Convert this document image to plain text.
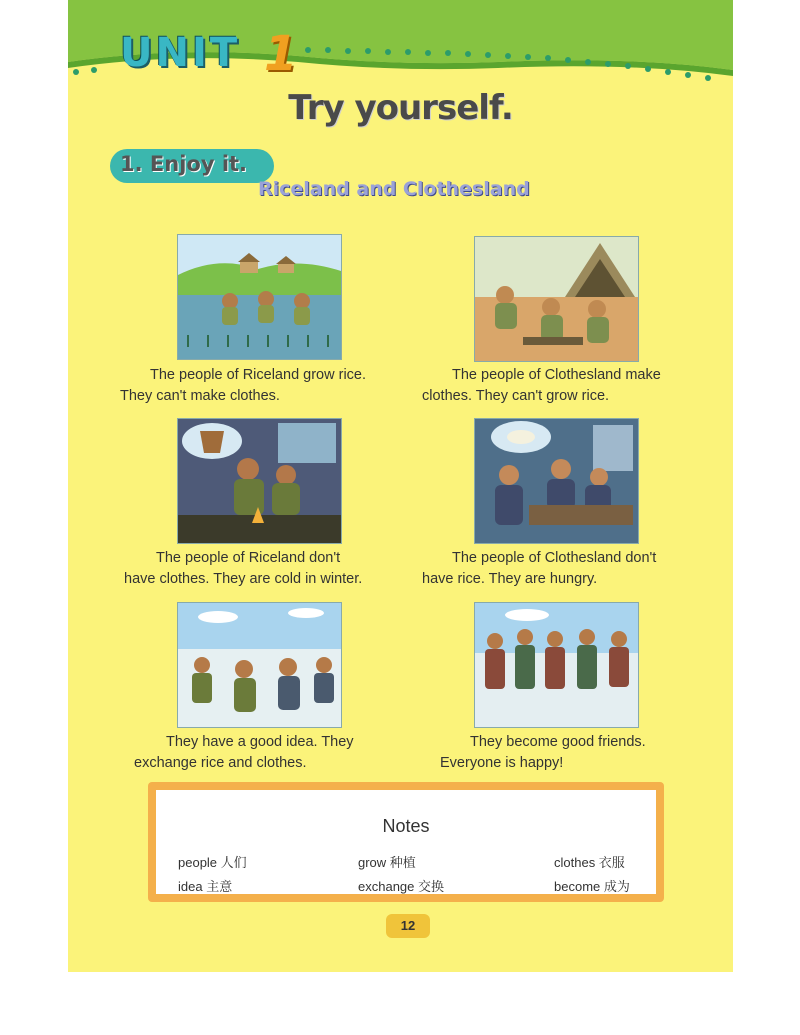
UNIT 1
Try yourself.
1. Enjoy it.
Riceland and Clothesland
The people of Riceland grow rice.
They can't make clothes.
The people of Clothesland make
clothes. They can't grow rice.
The people of Riceland don't
have clothes. They are cold in winter.
The people of Clothesland don't
have rice. They are hungry.
They have a good idea. They
exchange rice and clothes.
They become good friends.
Everyone is happy!
Notes
people 人们	grow 种植	clothes 衣服
idea 主意	exchange 交换	become 成为
12
